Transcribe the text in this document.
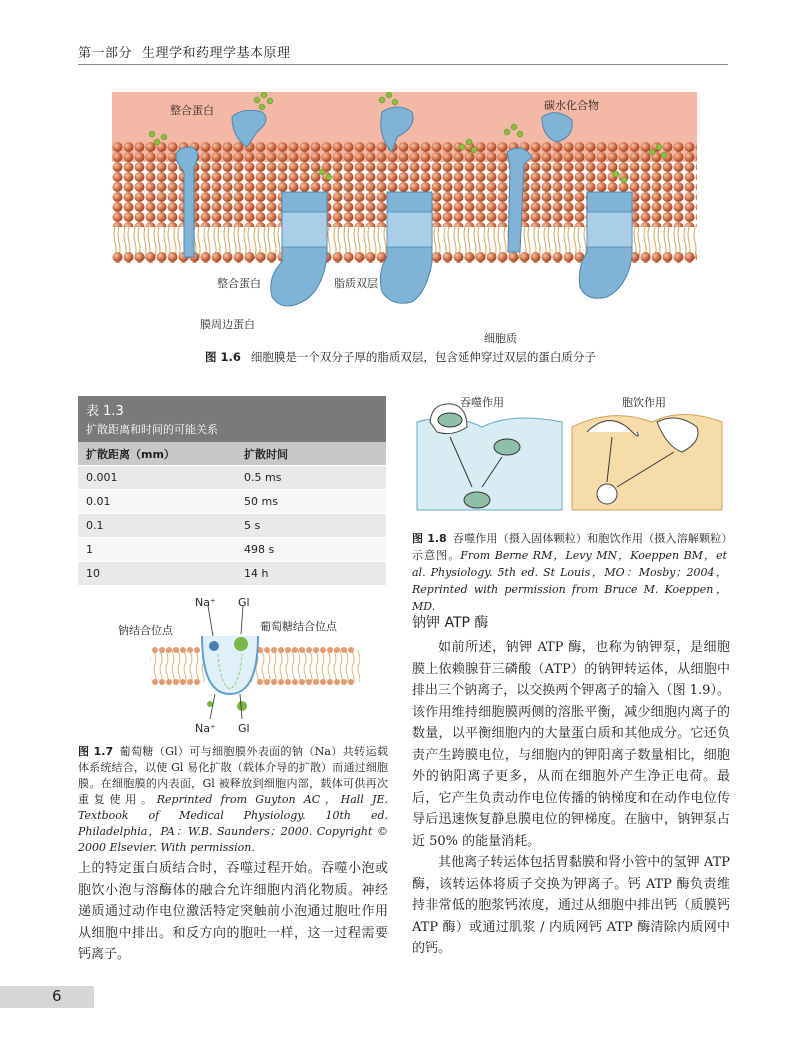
第一部分 生理学和药理学基本原理
整合蛋白	碳水化合物
整合蛋白	脂质双层
膜周边蛋白
细胞质
图 1.6 细胞膜是一个双分子厚的脂质双层，包含延伸穿过双层的蛋白质分子
表 1.3
扩散距离和时间的可能关系
扩散距离（mm）	扩散时间
0.001	0.5 ms
0.01	50 ms
0.1	5 s
1	498 s
10	14 h
Na⁺ Gl
钠结合位点	葡萄糖结合位点
Na⁺ Gl
图 1.7 葡萄糖（Gl）可与细胞膜外表面的钠（Na）共转运载体系统结合，以使 Gl 易化扩散（载体介导的扩散）而通过细胞膜。在细胞膜的内表面，Gl 被释放到细胞内部，载体可供再次重复使用。Reprinted from Guyton AC，Hall JE. Textbook of Medical Physiology. 10th ed. Philadelphia，PA：W.B. Saunders；2000. Copyright © 2000 Elsevier. With permission.
吞噬作用	胞饮作用
图 1.8 吞噬作用（摄入固体颗粒）和胞饮作用（摄入溶解颗粒）示意图。From Berne RM，Levy MN，Koeppen BM，et al. Physiology. 5th ed. St Louis，MO：Mosby；2004，Reprinted with permission from Bruce M. Koeppen，MD.
钠钾 ATP 酶

如前所述，钠钾 ATP 酶，也称为钠钾泵，是细胞膜上依赖腺苷三磷酸（ATP）的钠钾转运体，从细胞中排出三个钠离子，以交换两个钾离子的输入（图 1.9）。该作用维持细胞膜两侧的溶胀平衡，减少细胞内离子的数量，以平衡细胞内的大量蛋白质和其他成分。它还负责产生跨膜电位，与细胞内的钾阳离子数量相比，细胞外的钠阳离子更多，从而在细胞外产生净正电荷。最后，它产生负责动作电位传播的钠梯度和在动作电位传导后迅速恢复静息膜电位的钾梯度。在脑中，钠钾泵占近 50% 的能量消耗。

其他离子转运体包括胃黏膜和肾小管中的氢钾 ATP 酶，该转运体将质子交换为钾离子。钙 ATP 酶负责维持非常低的胞浆钙浓度，通过从细胞中排出钙（质膜钙 ATP 酶）或通过肌浆 / 内质网钙 ATP 酶清除内质网中的钙。

上的特定蛋白质结合时，吞噬过程开始。吞噬小泡或胞饮小泡与溶酶体的融合允许细胞内消化物质。神经递质通过动作电位激活特定突触前小泡通过胞吐作用从细胞中排出。和反方向的胞吐一样，这一过程需要钙离子。

6
